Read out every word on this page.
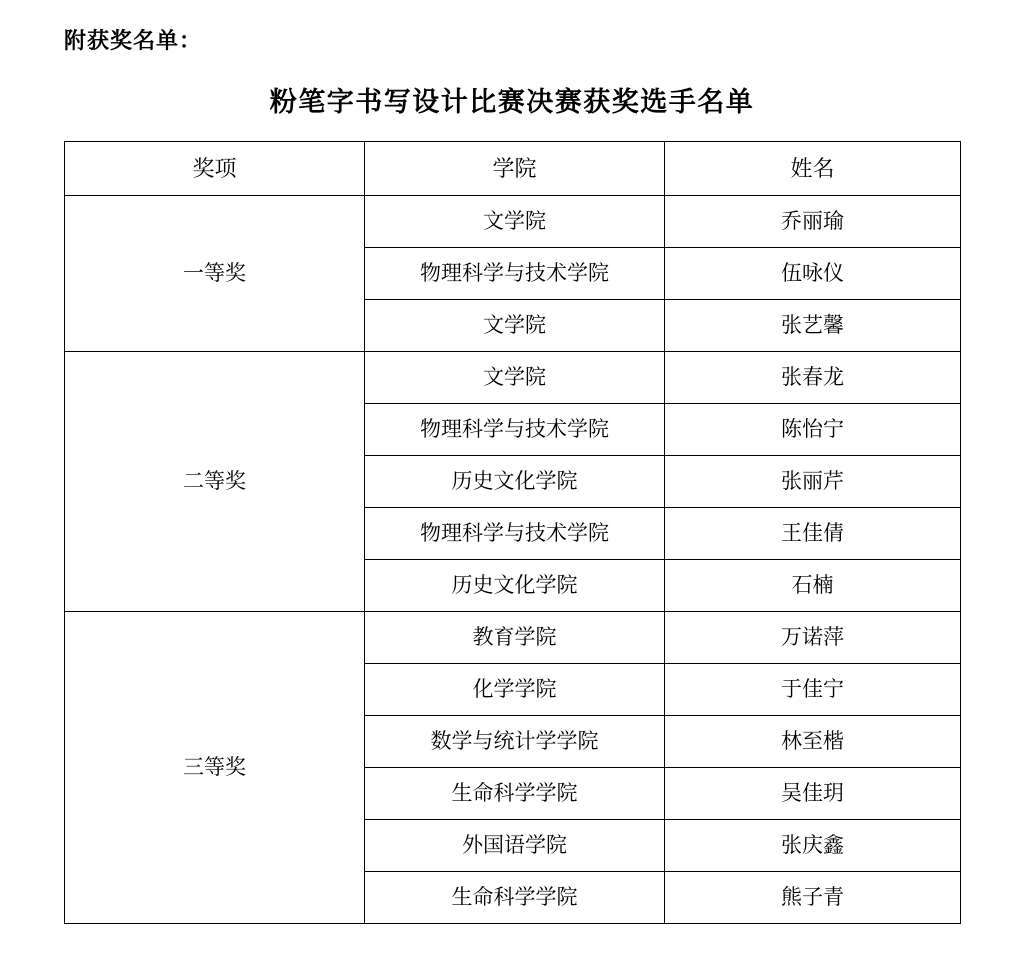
附获奖名单：
粉笔字书写设计比赛决赛获奖选手名单
奖项	学院	姓名
一等奖	文学院	乔丽瑜
	物理科学与技术学院	伍咏仪
	文学院	张艺馨
二等奖	文学院	张春龙
	物理科学与技术学院	陈怡宁
	历史文化学院	张丽芹
	物理科学与技术学院	王佳倩
	历史文化学院	石楠
三等奖	教育学院	万诺萍
	化学学院	于佳宁
	数学与统计学学院	林至楷
	生命科学学院	吴佳玥
	外国语学院	张庆鑫
	生命科学学院	熊子青
